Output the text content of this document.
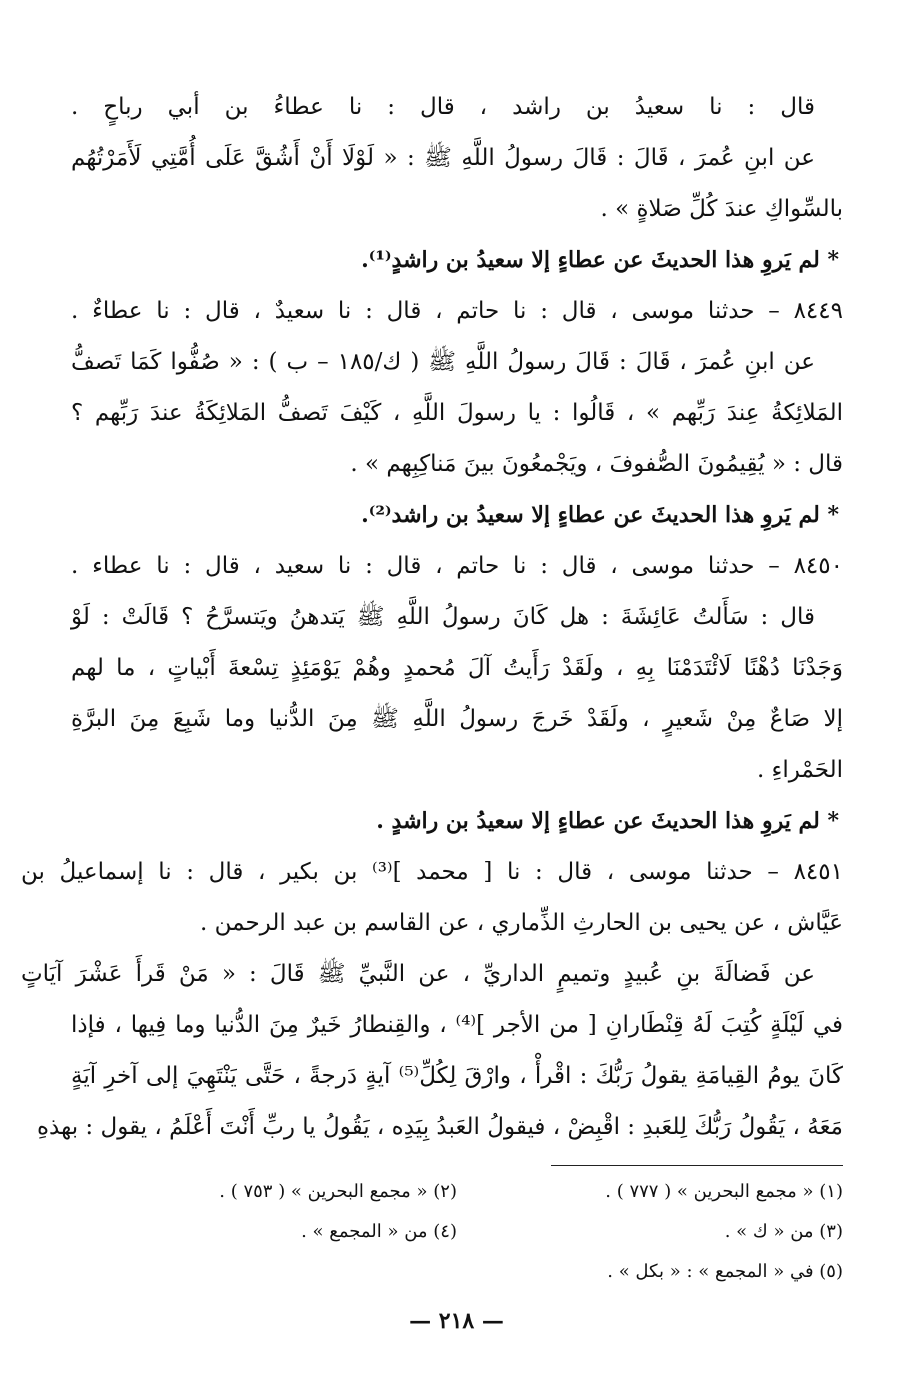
قال : نا سعيدُ بن راشد ، قال : نا عطاءُ بن أبي رباحٍ .

عن ابنِ عُمرَ ، قَالَ : قَالَ رسولُ اللَّهِ ﷺ : « لَوْلَا أَنْ أَشُقَّ عَلَى أُمَّتِي لَأَمَرْتُهُم

بالسِّواكِ عندَ كُلِّ صَلاةٍ » .

* لم يَروِ هذا الحديثَ عن عطاءٍ إلا سعيدُ بن راشدٍ⁽¹⁾.

٨٤٤٩ – حدثنا موسى ، قال : نا حاتم ، قال : نا سعيدٌ ، قال : نا عطاءٌ .

عن ابنِ عُمرَ ، قَالَ : قَالَ رسولُ اللَّهِ ﷺ ( ك/١٨٥ – ب ) : « صُفُّوا كَمَا تَصفُّ

المَلائِكةُ عِندَ رَبِّهم » ، قَالُوا : يا رسولَ اللَّهِ ، كَيْفَ تَصفُّ المَلائِكَةُ عندَ رَبِّهم ؟

قال : « يُقِيمُونَ الصُّفوفَ ، ويَجْمعُونَ بينَ مَناكِبِهم » .

* لم يَروِ هذا الحديثَ عن عطاءٍ إلا سعيدُ بن راشد⁽²⁾.

٨٤٥٠ – حدثنا موسى ، قال : نا حاتم ، قال : نا سعيد ، قال : نا عطاء .

قال : سَأَلتُ عَائِشَةَ : هل كَانَ رسولُ اللَّهِ ﷺ يَتدهنُ ويَتسرَّحُ ؟ قَالَتْ : لَوْ

وَجَدْنَا دُهْنًا لَائْتَدَمْنَا بِهِ ، ولَقَدْ رَأَيتُ آلَ مُحمدٍ وهُمْ يَوْمَئِذٍ تِسْعةَ أَبْياتٍ ، ما لهم

إلا صَاعٌ مِنْ شَعيرٍ ، ولَقَدْ خَرجَ رسولُ اللَّهِ ﷺ مِنَ الدُّنيا وما شَبِعَ مِنَ البرَّةِ

الحَمْراءِ .

* لم يَروِ هذا الحديثَ عن عطاءٍ إلا سعيدُ بن راشدٍ .

٨٤٥١ – حدثنا موسى ، قال : نا [ محمد ]⁽³⁾ بن بكير ، قال : نا إسماعيلُ بن

عَيَّاش ، عن يحيى بن الحارثِ الذِّماري ، عن القاسم بن عبد الرحمن .

عن فَضالَةَ بنِ عُبيدٍ وتميمٍ الداريِّ ، عن النَّبيِّ ﷺ قَالَ : « مَنْ قَرأَ عَشْرَ آيَاتٍ

في لَيْلَةٍ كُتِبَ لَهُ قِنْطَارانِ [ من الأجر ]⁽⁴⁾ ، والقِنطارُ خَيرٌ مِنَ الدُّنيا وما فِيها ، فإذا

كَانَ يومُ القِيامَةِ يقولُ رَبُّكَ : اقْرأْ ، وارْقَ لِكُلِّ⁽⁵⁾ آيةٍ دَرجةً ، حَتَّى يَنْتَهِيَ إلى آخرِ آيَةٍ

مَعَهُ ، يَقُولُ رَبُّكَ لِلعَبدِ : اقْبِضْ ، فيقولُ العَبدُ بِيَدِه ، يَقُولُ يا ربِّ أَنْتَ أَعْلَمُ ، يقول : بهذهِ

(١) « مجمع البحرين » ( ٧٧٧ ) .
(٢) « مجمع البحرين » ( ٧٥٣ ) .
(٣) من « ك » .
(٤) من « المجمع » .
(٥) في « المجمع » : « بكل » .
— ٢١٨ —
